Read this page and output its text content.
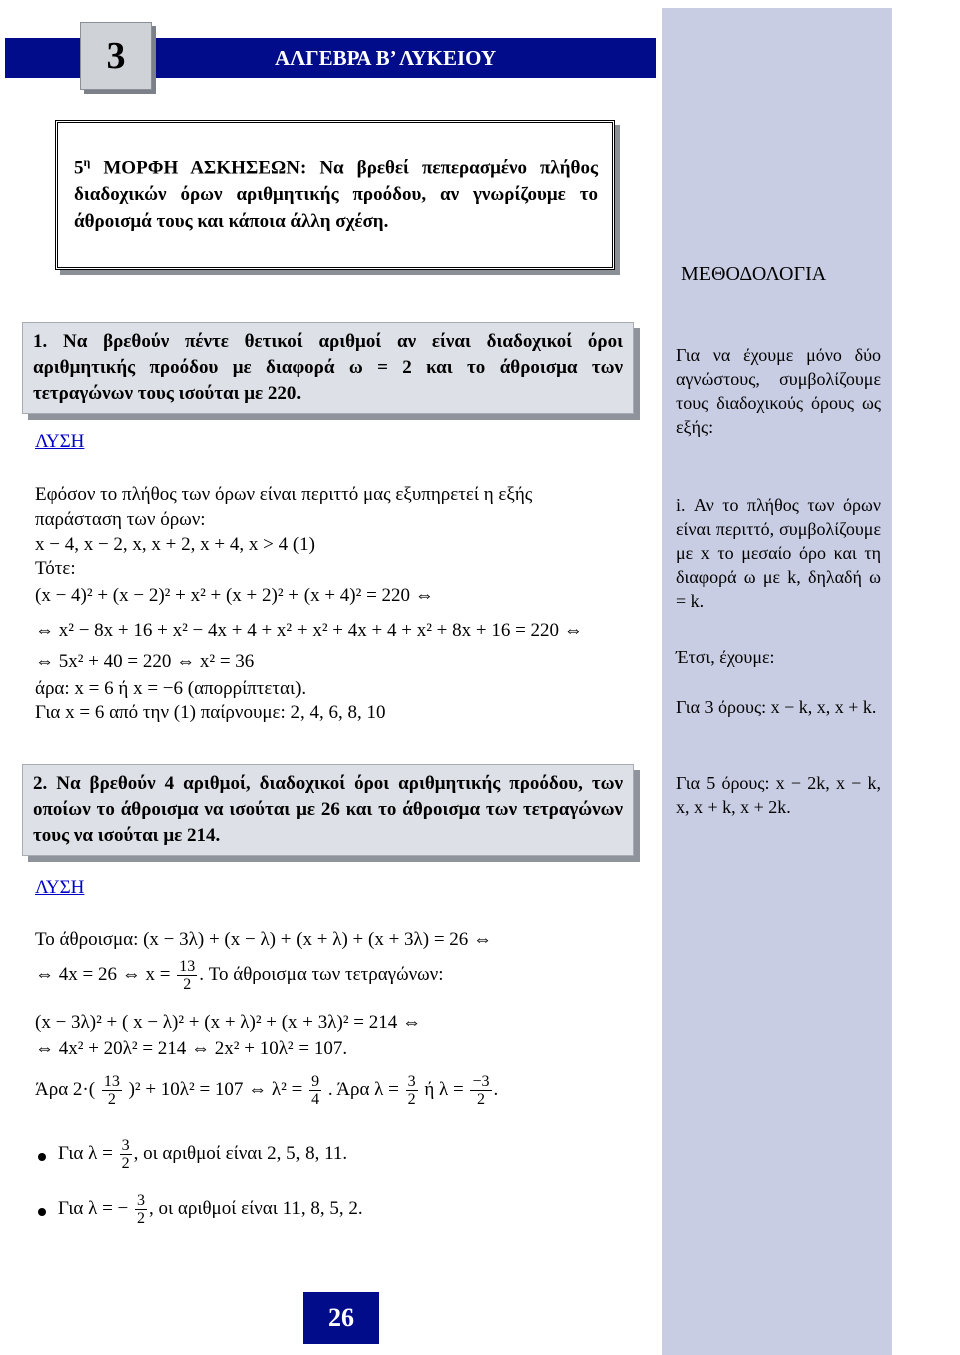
ΑΛΓΕΒΡΑ Β’ ΛΥΚΕΙΟΥ
3
$5^\eta$ ΜΟΡΦΗ ΑΣΚΗΣΕΩΝ: Να βρεθεί πεπερασμένο πλήθος διαδοχικών όρων αριθμητικής προόδου, αν γνωρίζουμε το άθροισμά τους και κάποια άλλη σχέση.
1. Να βρεθούν πέντε θετικοί αριθμοί αν είναι διαδοχικοί όροι αριθμητικής προόδου με διαφορά ω = 2 και το άθροισμα των τετραγώνων τους ισούται με 220.
ΛΥΣΗ
Εφόσον το πλήθος των όρων είναι περιττό μας εξυπηρετεί η εξής
παράσταση των όρων:
x − 4, x − 2, x, x + 2, x + 4, x > 4 (1)
Τότε:
(x − 4)² + (x − 2)² + x² + (x + 2)² + (x + 4)² = 220 ⇔
⇔ x² − 8x + 16 + x² − 4x + 4 + x² + x² + 4x + 4 + x² + 8x + 16 = 220 ⇔
⇔ 5x² + 40 = 220 ⇔ x² = 36
άρα: x = 6 ή x = −6 (απορρίπτεται).
Για x = 6 από την (1) παίρνουμε: 2, 4, 6, 8, 10
2. Να βρεθούν 4 αριθμοί, διαδοχικοί όροι αριθμητικής προόδου, των οποίων το άθροισμα να ισούται με 26 και το άθροισμα των τετραγώνων τους να ισούται με 214.
ΛΥΣΗ
Το άθροισμα: (x − 3λ) + (x − λ) + (x + λ) + (x + 3λ) = 26 ⇔
⇔ 4x = 26 ⇔ $x = \frac{13}{2}$ . Το άθροισμα των τετραγώνων:
(x − 3λ)² + ( x − λ)² + (x + λ)² + (x + 3λ)² = 214 ⇔
⇔ 4x² + 20λ² = 214 ⇔ 2x² + 10λ² = 107.
Άρα $2\cdot( \frac{13}{2} )^2 + 10\lambda^2 = 107$ ⇔ $\lambda^2 = \frac{9}{4}$ . Άρα $\lambda = \frac{3}{2}$ ή $\lambda = \frac{-3}{2}$ .
Για $\lambda = \frac{3}{2}$ , οι αριθμοί είναι 2, 5, 8, 11.
Για λ = − $\frac{3}{2}$ , οι αριθμοί είναι 11, 8, 5, 2.
ΜΕΘΟΔΟΛΟΓΙΑ
Για να έχουμε μόνο δύο αγνώστους, συμβολίζουμε τους διαδοχικούς όρους ως εξής:
i. Αν το πλήθος των όρων είναι περιττό, συμβολίζουμε με x το μεσαίο όρο και τη διαφορά ω με k, δηλαδή ω = k.
Έτσι, έχουμε:
Για 3 όρους: x − k, x, x + k.
Για 5 όρους: x − 2k, x − k, x, x + k, x + 2k.
26
